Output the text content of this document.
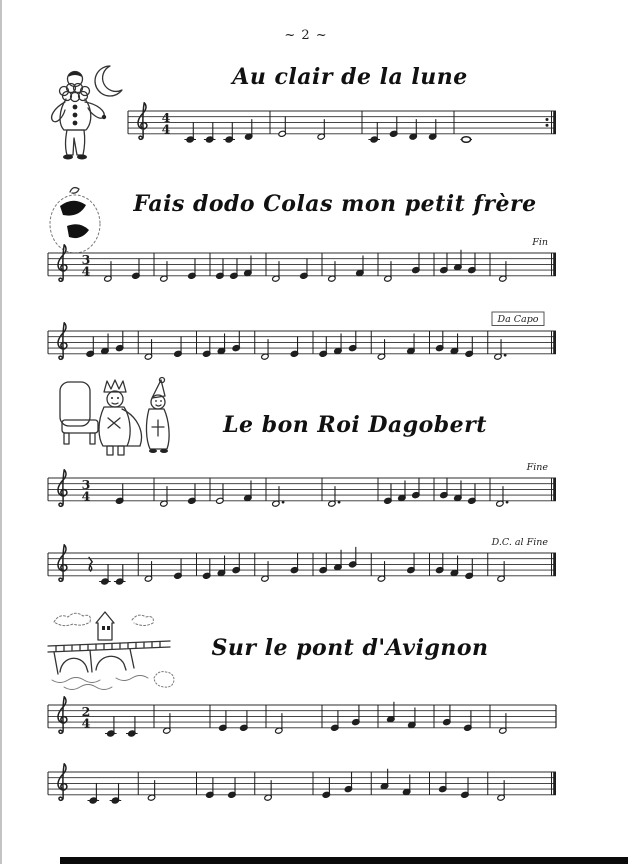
~ 2 ~
Au clair de la lune
Fais dodo Colas mon petit frère
Le bon Roi Dagobert
Sur le pont d'Avignon
4
4
3
4
Fin
Da Capo
3
4
Fine
D.C. al Fine
2
4
